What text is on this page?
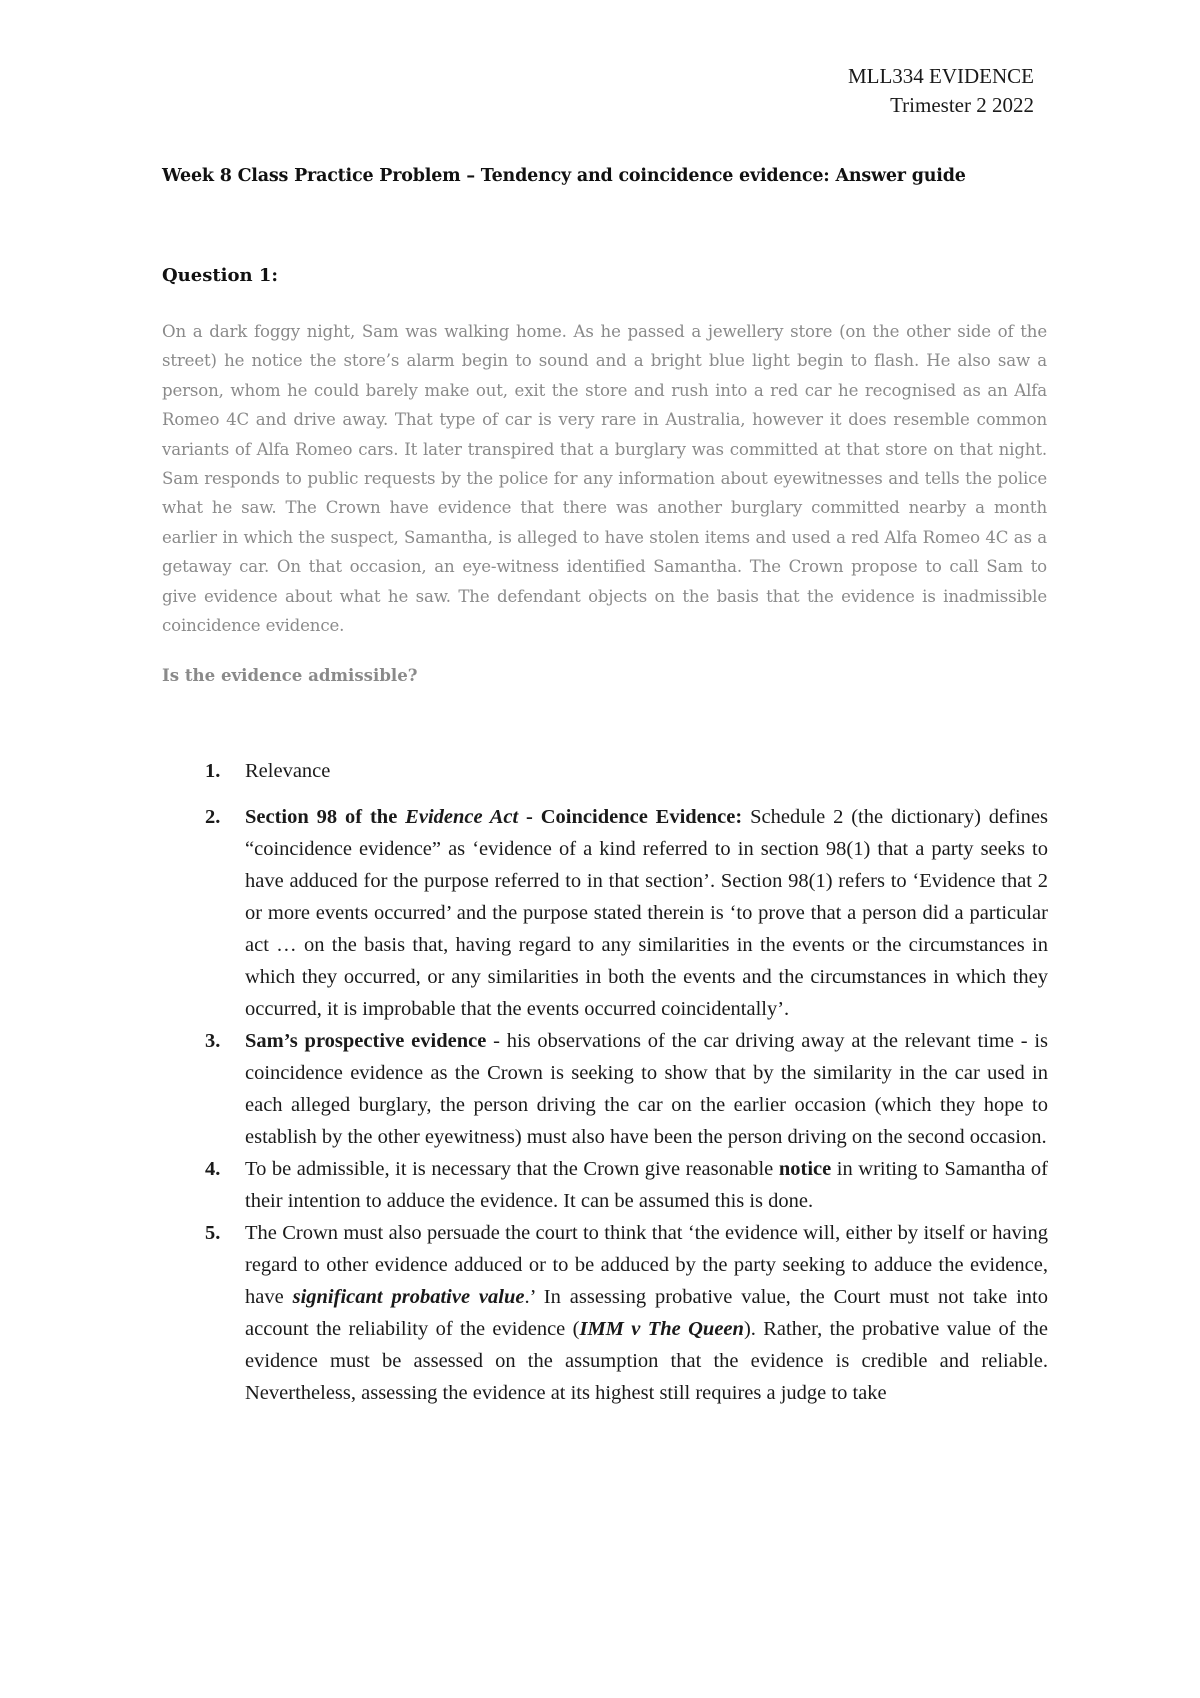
MLL334 EVIDENCE
Trimester 2 2022
Week 8 Class Practice Problem – Tendency and coincidence evidence: Answer guide
Question 1:

On a dark foggy night, Sam was walking home. As he passed a jewellery store (on the other side of the street) he notice the store’s alarm begin to sound and a bright blue light begin to flash. He also saw a person, whom he could barely make out, exit the store and rush into a red car he recognised as an Alfa Romeo 4C and drive away. That type of car is very rare in Australia, however it does resemble common variants of Alfa Romeo cars. It later transpired that a burglary was committed at that store on that night. Sam responds to public requests by the police for any information about eyewitnesses and tells the police what he saw. The Crown have evidence that there was another burglary committed nearby a month earlier in which the suspect, Samantha, is alleged to have stolen items and used a red Alfa Romeo 4C as a getaway car. On that occasion, an eye-witness identified Samantha. The Crown propose to call Sam to give evidence about what he saw. The defendant objects on the basis that the evidence is inadmissible coincidence evidence.

Is the evidence admissible?
1. Relevance
2. Section 98 of the Evidence Act - Coincidence Evidence: Schedule 2 (the dictionary) defines “coincidence evidence” as ‘evidence of a kind referred to in section 98(1) that a party seeks to have adduced for the purpose referred to in that section’. Section 98(1) refers to ‘Evidence that 2 or more events occurred’ and the purpose stated therein is ‘to prove that a person did a particular act … on the basis that, having regard to any similarities in the events or the circumstances in which they occurred, or any similarities in both the events and the circumstances in which they occurred, it is improbable that the events occurred coincidentally’.
3. Sam’s prospective evidence - his observations of the car driving away at the relevant time - is coincidence evidence as the Crown is seeking to show that by the similarity in the car used in each alleged burglary, the person driving the car on the earlier occasion (which they hope to establish by the other eyewitness) must also have been the person driving on the second occasion.
4. To be admissible, it is necessary that the Crown give reasonable notice in writing to Samantha of their intention to adduce the evidence. It can be assumed this is done.
5. The Crown must also persuade the court to think that ‘the evidence will, either by itself or having regard to other evidence adduced or to be adduced by the party seeking to adduce the evidence, have significant probative value.’ In assessing probative value, the Court must not take into account the reliability of the evidence (IMM v The Queen). Rather, the probative value of the evidence must be assessed on the assumption that the evidence is credible and reliable. Nevertheless, assessing the evidence at its highest still requires a judge to take
